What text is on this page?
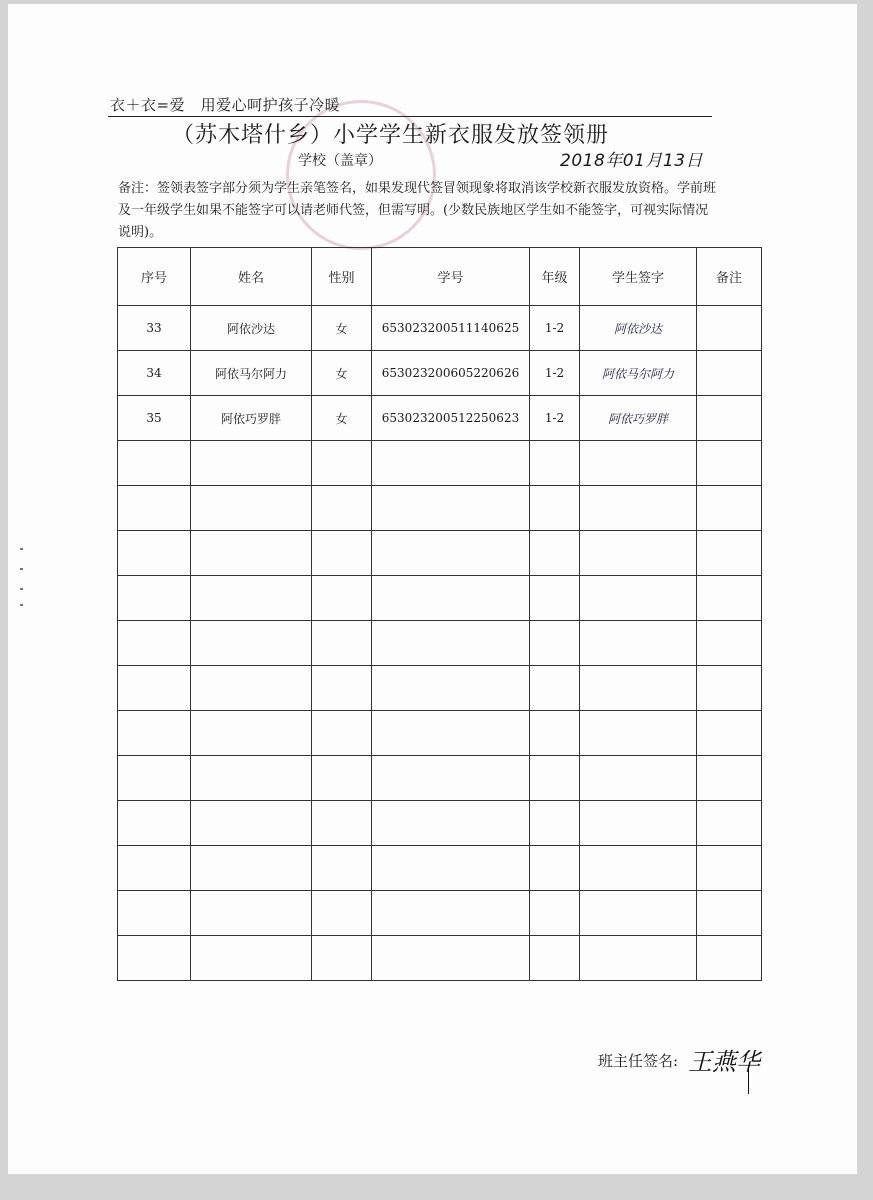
衣＋衣=爱　用爱心呵护孩子冷暖
（苏木塔什乡）小学学生新衣服发放签领册
学校（盖章）	2018年01月13日
备注：签领表签字部分须为学生亲笔签名，如果发现代签冒领现象将取消该学校新衣服发放资格。学前班及一年级学生如果不能签字可以请老师代签，但需写明。(少数民族地区学生如不能签字，可视实际情况说明)。
序号	姓名	性别	学号	年级	学生签字	备注
33	阿依沙达	女	653023200511140625	1-2	阿依沙达	
34	阿依马尔阿力	女	653023200605220626	1-2	阿依马尔阿力	
35	阿依巧罗胖	女	653023200512250623	1-2	阿依巧罗胖	

班主任签名: 王燕华
